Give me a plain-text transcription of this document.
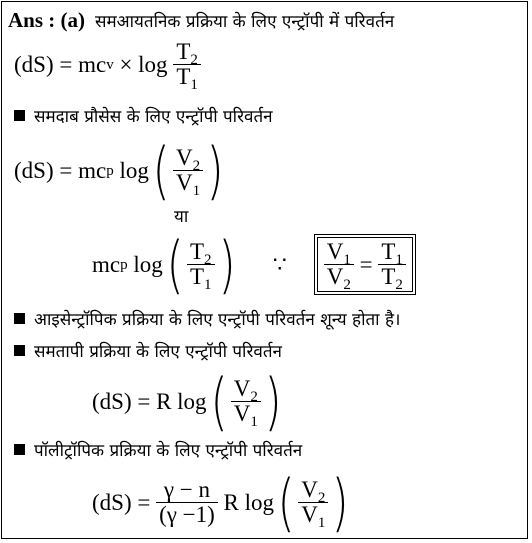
Ans : (a) समआयतनिक प्रक्रिया के लिए एन्ट्रॉपी में परिवर्तन
(dS) = mc $v \times \log \frac{T_2}{T_1}$
समदाब प्रौसेस के लिए एन्ट्रॉपी परिवर्तन
(dS) = mc p log ( $\frac{V_2}{V_1}$ )
या
mc p log ( $\frac{T_2}{T_1}$ ) ∵ $\frac{V_1}{V_2} = \frac{T_1}{T_2}$
आइसेन्ट्रॉपिक प्रक्रिया के लिए एन्ट्रॉपी परिवर्तन शून्य होता है।
समतापी प्रक्रिया के लिए एन्ट्रॉपी परिवर्तन
(dS) = R log ( $\frac{V_2}{V_1}$ )
पॉलीट्रॉपिक प्रक्रिया के लिए एन्ट्रॉपी परिवर्तन
$(dS) = \frac{\gamma - n}{(\gamma -1)}$ R log ( $\frac{V_2}{V_1}$ )
